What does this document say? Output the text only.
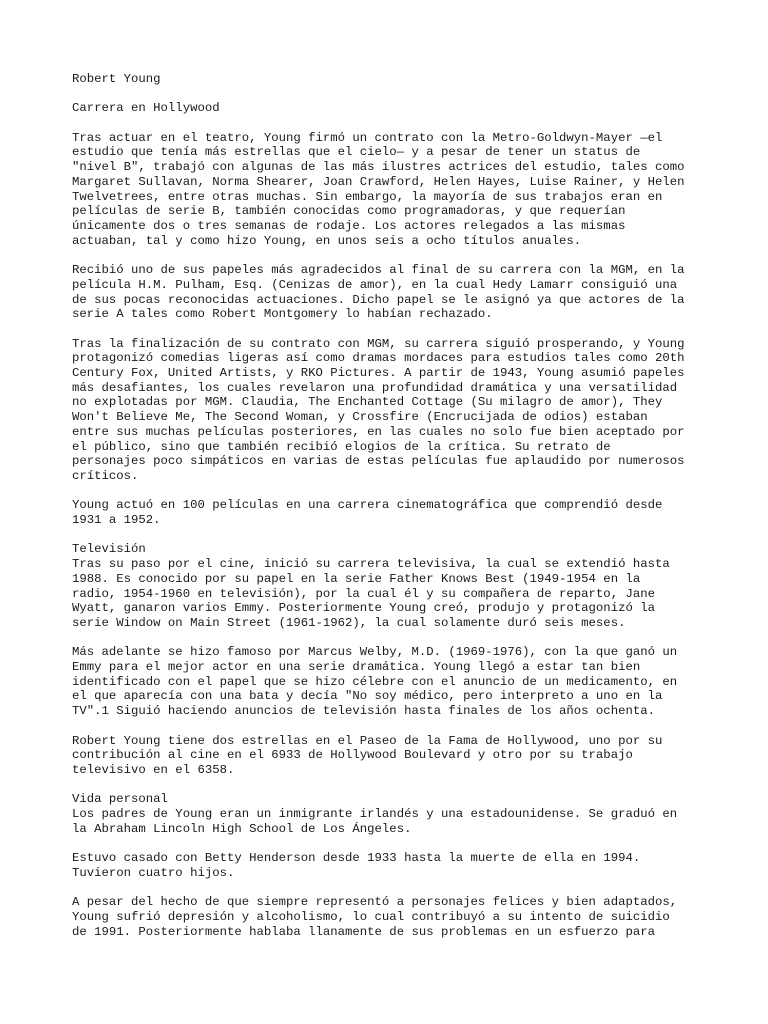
Robert Young

Carrera en Hollywood

Tras actuar en el teatro, Young firmó un contrato con la Metro-Goldwyn-Mayer —el
estudio que tenía más estrellas que el cielo— y a pesar de tener un status de
"nivel B", trabajó con algunas de las más ilustres actrices del estudio, tales como
Margaret Sullavan, Norma Shearer, Joan Crawford, Helen Hayes, Luise Rainer, y Helen
Twelvetrees, entre otras muchas. Sin embargo, la mayoría de sus trabajos eran en
películas de serie B, también conocidas como programadoras, y que requerían
únicamente dos o tres semanas de rodaje. Los actores relegados a las mismas
actuaban, tal y como hizo Young, en unos seis a ocho títulos anuales.

Recibió uno de sus papeles más agradecidos al final de su carrera con la MGM, en la
película H.M. Pulham, Esq. (Cenizas de amor), en la cual Hedy Lamarr consiguió una
de sus pocas reconocidas actuaciones. Dicho papel se le asignó ya que actores de la
serie A tales como Robert Montgomery lo habían rechazado.

Tras la finalización de su contrato con MGM, su carrera siguió prosperando, y Young
protagonizó comedias ligeras así como dramas mordaces para estudios tales como 20th
Century Fox, United Artists, y RKO Pictures. A partir de 1943, Young asumió papeles
más desafiantes, los cuales revelaron una profundidad dramática y una versatilidad
no explotadas por MGM. Claudia, The Enchanted Cottage (Su milagro de amor), They
Won't Believe Me, The Second Woman, y Crossfire (Encrucijada de odios) estaban
entre sus muchas películas posteriores, en las cuales no solo fue bien aceptado por
el público, sino que también recibió elogios de la crítica. Su retrato de
personajes poco simpáticos en varias de estas películas fue aplaudido por numerosos
críticos.

Young actuó en 100 películas en una carrera cinematográfica que comprendió desde
1931 a 1952.

Televisión
Tras su paso por el cine, inició su carrera televisiva, la cual se extendió hasta
1988. Es conocido por su papel en la serie Father Knows Best (1949-1954 en la
radio, 1954-1960 en televisión), por la cual él y su compañera de reparto, Jane
Wyatt, ganaron varios Emmy. Posteriormente Young creó, produjo y protagonizó la
serie Window on Main Street (1961-1962), la cual solamente duró seis meses.

Más adelante se hizo famoso por Marcus Welby, M.D. (1969-1976), con la que ganó un
Emmy para el mejor actor en una serie dramática. Young llegó a estar tan bien
identificado con el papel que se hizo célebre con el anuncio de un medicamento, en
el que aparecía con una bata y decía "No soy médico, pero interpreto a uno en la
TV".1 Siguió haciendo anuncios de televisión hasta finales de los años ochenta.

Robert Young tiene dos estrellas en el Paseo de la Fama de Hollywood, uno por su
contribución al cine en el 6933 de Hollywood Boulevard y otro por su trabajo
televisivo en el 6358.

Vida personal
Los padres de Young eran un inmigrante irlandés y una estadounidense. Se graduó en
la Abraham Lincoln High School de Los Ángeles.

Estuvo casado con Betty Henderson desde 1933 hasta la muerte de ella en 1994.
Tuvieron cuatro hijos.

A pesar del hecho de que siempre representó a personajes felices y bien adaptados,
Young sufrió depresión y alcoholismo, lo cual contribuyó a su intento de suicidio
de 1991. Posteriormente hablaba llanamente de sus problemas en un esfuerzo para
